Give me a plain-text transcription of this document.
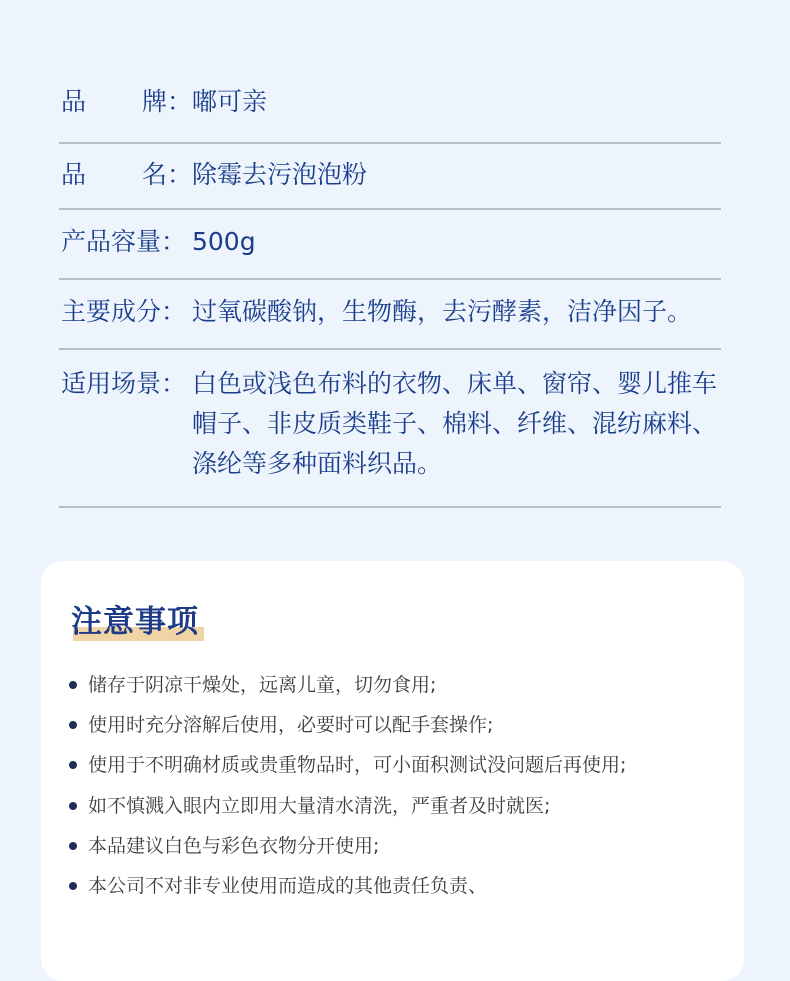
品 牌： 嘟可亲
品 名： 除霉去污泡泡粉
产品容量： 500g
主要成分： 过氧碳酸钠，生物酶，去污酵素，洁净因子。
适用场景： 白色或浅色布料的衣物、床单、窗帘、婴儿推车
帽子、非皮质类鞋子、棉料、纤维、混纺麻料、
涤纶等多种面料织品。
注意事项
储存于阴凉干燥处，远离儿童，切勿食用;
使用时充分溶解后使用，必要时可以配手套操作;
使用于不明确材质或贵重物品时，可小面积测试没问题后再使用;
如不慎溅入眼内立即用大量清水清洗，严重者及时就医;
本品建议白色与彩色衣物分开使用;
本公司不对非专业使用而造成的其他责任负责、
